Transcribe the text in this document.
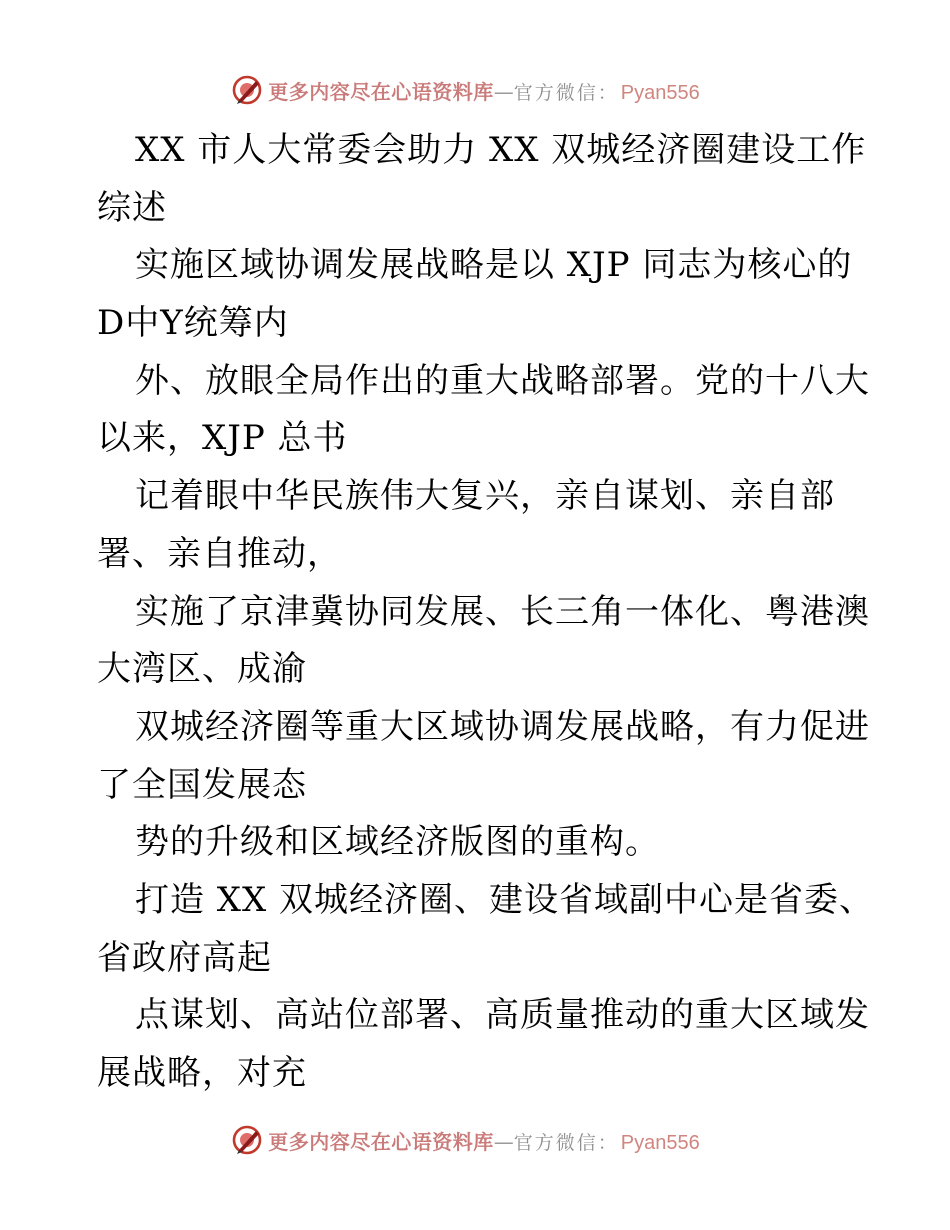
更多内容尽在心语资料库 — 官方微信： Pyan556
XX 市人大常委会助力 XX 双城经济圈建设工作
综述
实施区域协调发展战略是以 XJP 同志为核心的
D中Y统筹内
外、放眼全局作出的重大战略部署。党的十八大
以来，XJP 总书
记着眼中华民族伟大复兴，亲自谋划、亲自部
署、亲自推动，
实施了京津冀协同发展、长三角一体化、粤港澳
大湾区、成渝
双城经济圈等重大区域协调发展战略，有力促进
了全国发展态
势的升级和区域经济版图的重构。
打造 XX 双城经济圈、建设省域副中心是省委、
省政府高起
点谋划、高站位部署、高质量推动的重大区域发
展战略，对充
更多内容尽在心语资料库 — 官方微信： Pyan556
